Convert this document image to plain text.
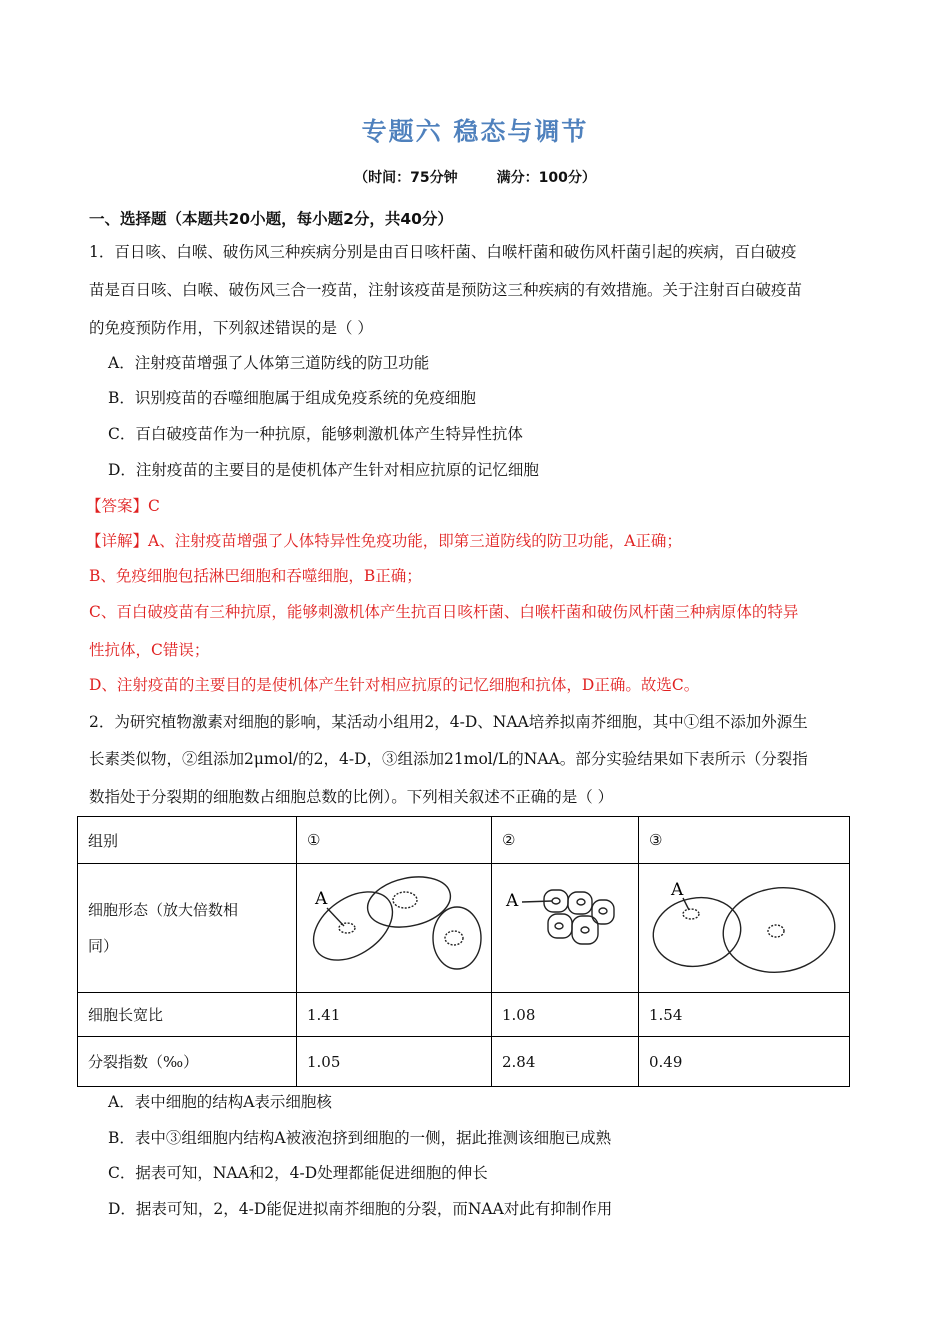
专题六 稳态与调节
（时间：75分钟        满分：100分）
一、选择题（本题共20小题，每小题2分，共40分）
1．百日咳、白喉、破伤风三种疾病分别是由百日咳杆菌、白喉杆菌和破伤风杆菌引起的疾病，百白破疫
苗是百日咳、白喉、破伤风三合一疫苗，注射该疫苗是预防这三种疾病的有效措施。关于注射百白破疫苗
的免疫预防作用，下列叙述错误的是（ ）
A．注射疫苗增强了人体第三道防线的防卫功能
B．识别疫苗的吞噬细胞属于组成免疫系统的免疫细胞
C．百白破疫苗作为一种抗原，能够刺激机体产生特异性抗体
D．注射疫苗的主要目的是使机体产生针对相应抗原的记忆细胞
【答案】C
【详解】A、注射疫苗增强了人体特异性免疫功能，即第三道防线的防卫功能，A正确；
B、免疫细胞包括淋巴细胞和吞噬细胞，B正确；
C、百白破疫苗有三种抗原，能够刺激机体产生抗百日咳杆菌、白喉杆菌和破伤风杆菌三种病原体的特异
性抗体，C错误；
D、注射疫苗的主要目的是使机体产生针对相应抗原的记忆细胞和抗体，D正确。故选C。
2．为研究植物激素对细胞的影响，某活动小组用2，4-D、NAA培养拟南芥细胞，其中①组不添加外源生
长素类似物，②组添加2μmol/的2，4-D，③组添加21mol/L的NAA。部分实验结果如下表所示（分裂指
数指处于分裂期的细胞数占细胞总数的比例）。下列相关叙述不正确的是（ ）
组别	①	②	③
细胞形态（放大倍数相
同）	A	A	A

细胞长宽比	1.41	1.08	1.54
分裂指数（‰）	1.05	2.84	0.49
A．表中细胞的结构A表示细胞核
B．表中③组细胞内结构A被液泡挤到细胞的一侧，据此推测该细胞已成熟
C．据表可知，NAA和2，4-D处理都能促进细胞的伸长
D．据表可知，2，4-D能促进拟南芥细胞的分裂，而NAA对此有抑制作用
